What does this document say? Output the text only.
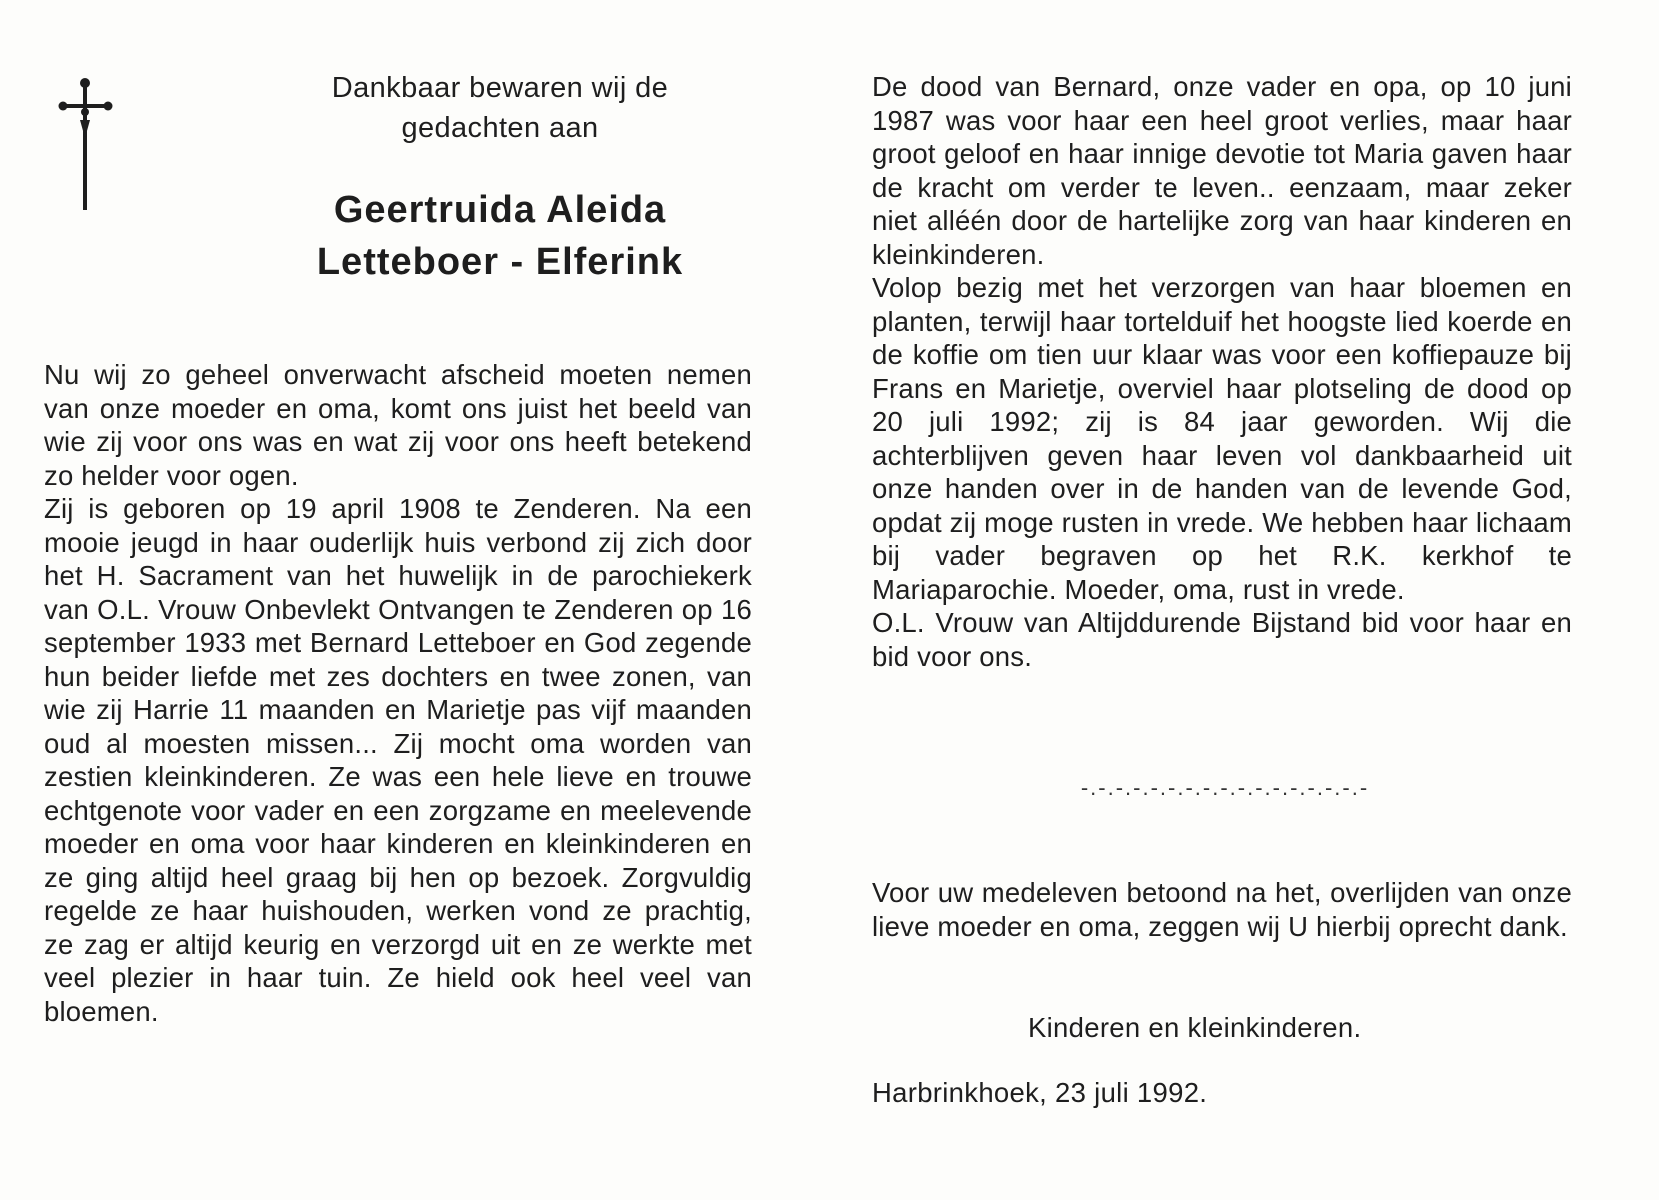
Dankbaar bewaren wij de
gedachten aan
Geertruida Aleida
Letteboer - Elferink

Nu wij zo geheel onverwacht afscheid moeten nemen van onze moeder en oma, komt ons juist het beeld van wie zij voor ons was en wat zij voor ons heeft betekend zo helder voor ogen.

Zij is geboren op 19 april 1908 te Zenderen. Na een mooie jeugd in haar ouderlijk huis verbond zij zich door het H. Sacrament van het huwelijk in de parochiekerk van O.L. Vrouw Onbevlekt Ontvangen te Zenderen op 16 september 1933 met Bernard Letteboer en God zegende hun beider liefde met zes dochters en twee zonen, van wie zij Harrie 11 maanden en Marietje pas vijf maanden oud al moesten missen... Zij mocht oma worden van zestien kleinkinderen. Ze was een hele lieve en trouwe echtgenote voor vader en een zorgzame en meelevende moeder en oma voor haar kinderen en kleinkinderen en ze ging altijd heel graag bij hen op bezoek. Zorgvuldig regelde ze haar huishouden, werken vond ze prachtig, ze zag er altijd keurig en verzorgd uit en ze werkte met veel plezier in haar tuin. Ze hield ook heel veel van bloemen.

De dood van Bernard, onze vader en opa, op 10 juni 1987 was voor haar een heel groot verlies, maar haar groot geloof en haar innige devotie tot Maria gaven haar de kracht om verder te leven.. eenzaam, maar zeker niet alléén door de hartelijke zorg van haar kinderen en kleinkinderen.

Volop bezig met het verzorgen van haar bloemen en planten, terwijl haar tortelduif het hoogste lied koerde en de koffie om tien uur klaar was voor een koffiepauze bij Frans en Marietje, overviel haar plotseling de dood op 20 juli 1992; zij is 84 jaar geworden. Wij die achterblijven geven haar leven vol dankbaarheid uit onze handen over in de handen van de levende God, opdat zij moge rusten in vrede. We hebben haar lichaam bij vader begraven op het R.K. kerkhof te Mariaparochie. Moeder, oma, rust in vrede.

O.L. Vrouw van Altijddurende Bijstand bid voor haar en bid voor ons.

-.-.-.-.-.-.-.-.-.-.-.-.-.-.-.-.-
Voor uw medeleven betoond na het, overlijden van onze lieve moeder en oma, zeggen wij U hierbij oprecht dank.
Kinderen en kleinkinderen.
Harbrinkhoek, 23 juli 1992.
